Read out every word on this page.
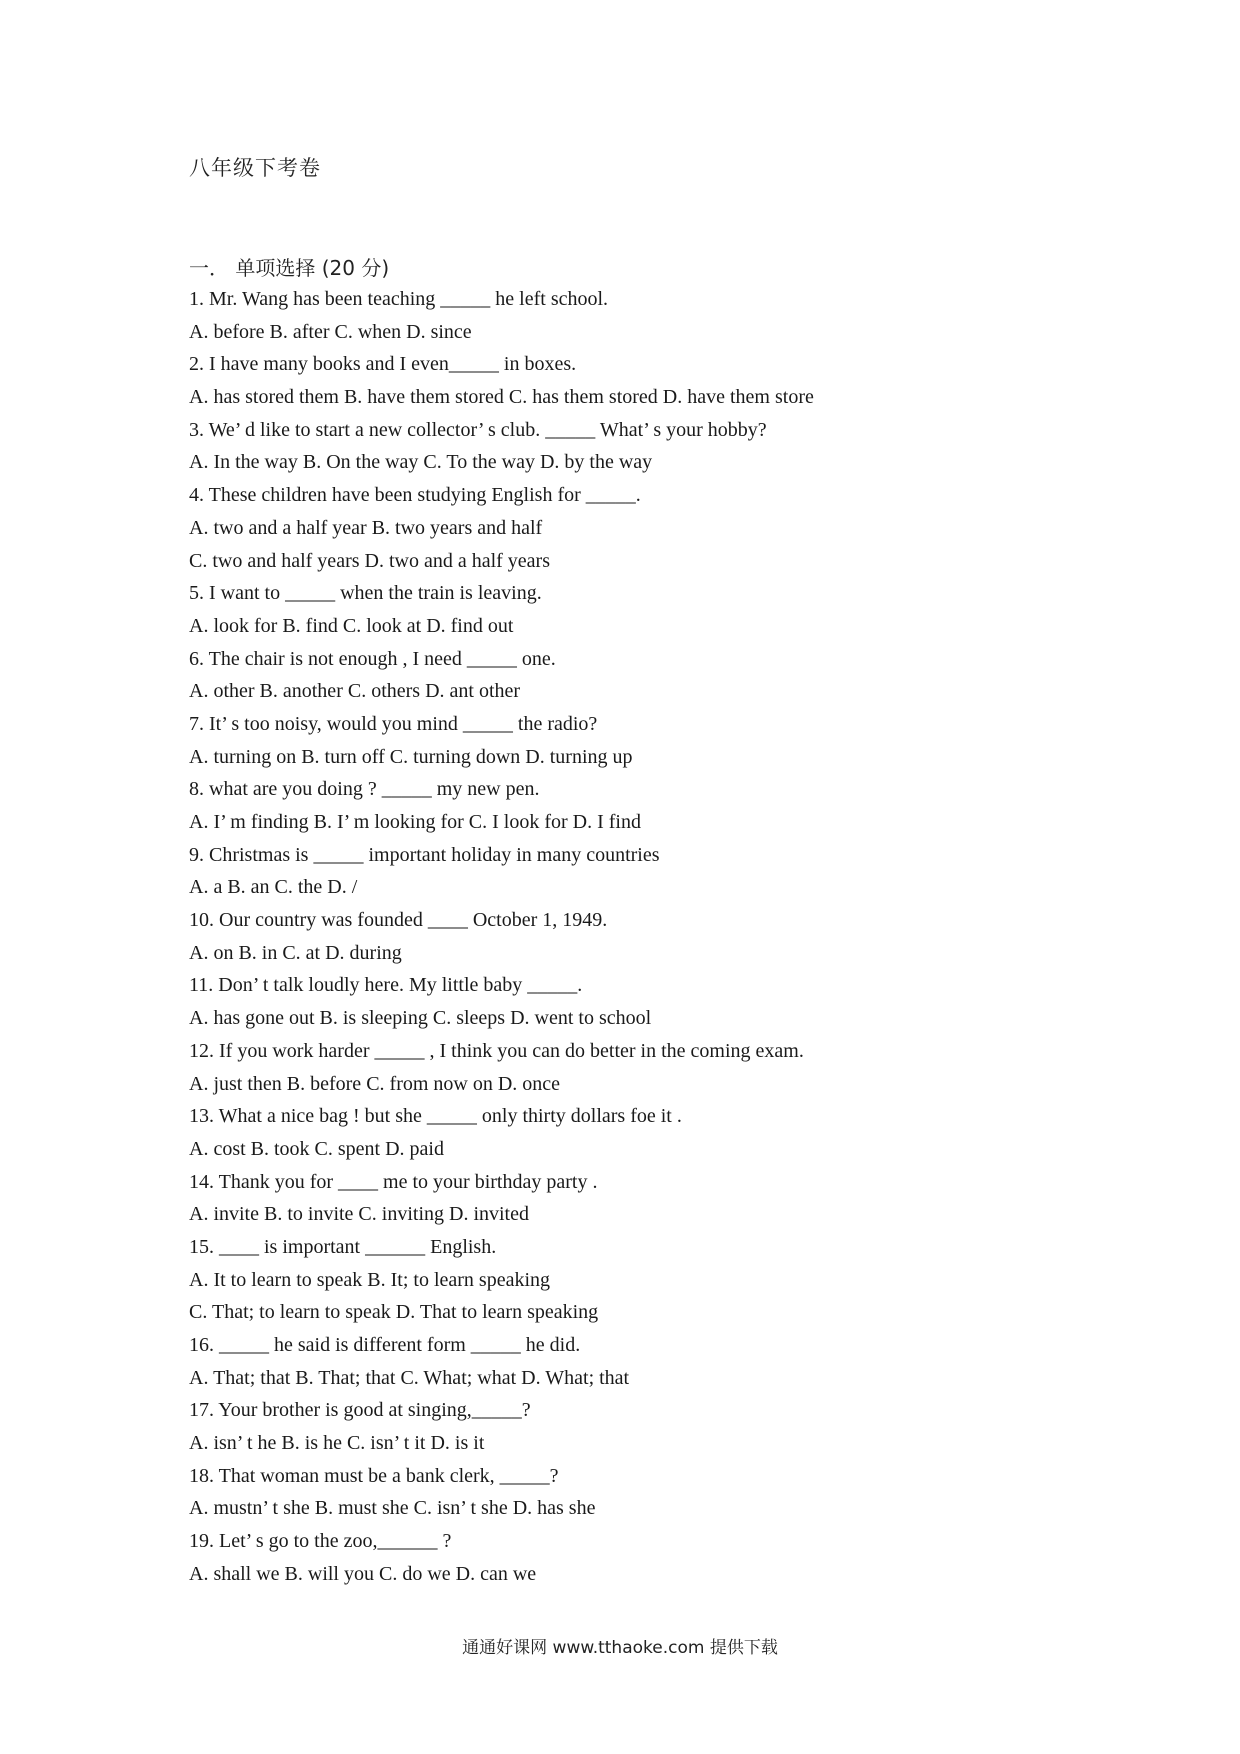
八年级下考卷
一． 单项选择 (20 分)
1. Mr. Wang has been teaching _____ he left school.
A. before B. after C. when D. since
2. I have many books and I even_____ in boxes.
A. has stored them B. have them stored C. has them stored D. have them store
3. We’ d like to start a new collector’ s club. _____ What’ s your hobby?
A. In the way B. On the way C. To the way D. by the way
4. These children have been studying English for _____.
A. two and a half year B. two years and half
C. two and half years D. two and a half years
5. I want to _____ when the train is leaving.
A. look for B. find C. look at D. find out
6. The chair is not enough , I need _____ one.
A. other B. another C. others D. ant other
7. It’ s too noisy, would you mind _____ the radio?
A. turning on B. turn off C. turning down D. turning up
8. what are you doing ? _____ my new pen.
A. I’ m finding B. I’ m looking for C. I look for D. I find
9. Christmas is _____ important holiday in many countries
A. a B. an C. the D. /
10. Our country was founded ____ October 1, 1949.
A. on B. in C. at D. during
11. Don’ t talk loudly here. My little baby _____.
A. has gone out B. is sleeping C. sleeps D. went to school
12. If you work harder _____ , I think you can do better in the coming exam.
A. just then B. before C. from now on D. once
13. What a nice bag ! but she _____ only thirty dollars foe it .
A. cost B. took C. spent D. paid
14. Thank you for ____ me to your birthday party .
A. invite B. to invite C. inviting D. invited
15. ____ is important ______ English.
A. It to learn to speak B. It; to learn speaking
C. That; to learn to speak D. That to learn speaking
16. _____ he said is different form _____ he did.
A. That; that B. That; that C. What; what D. What; that
17. Your brother is good at singing,_____?
A. isn’ t he B. is he C. isn’ t it D. is it
18. That woman must be a bank clerk, _____?
A. mustn’ t she B. must she C. isn’ t she D. has she
19. Let’ s go to the zoo,______ ?
A. shall we B. will you C. do we D. can we
通通好课网 www.tthaoke.com 提供下载
